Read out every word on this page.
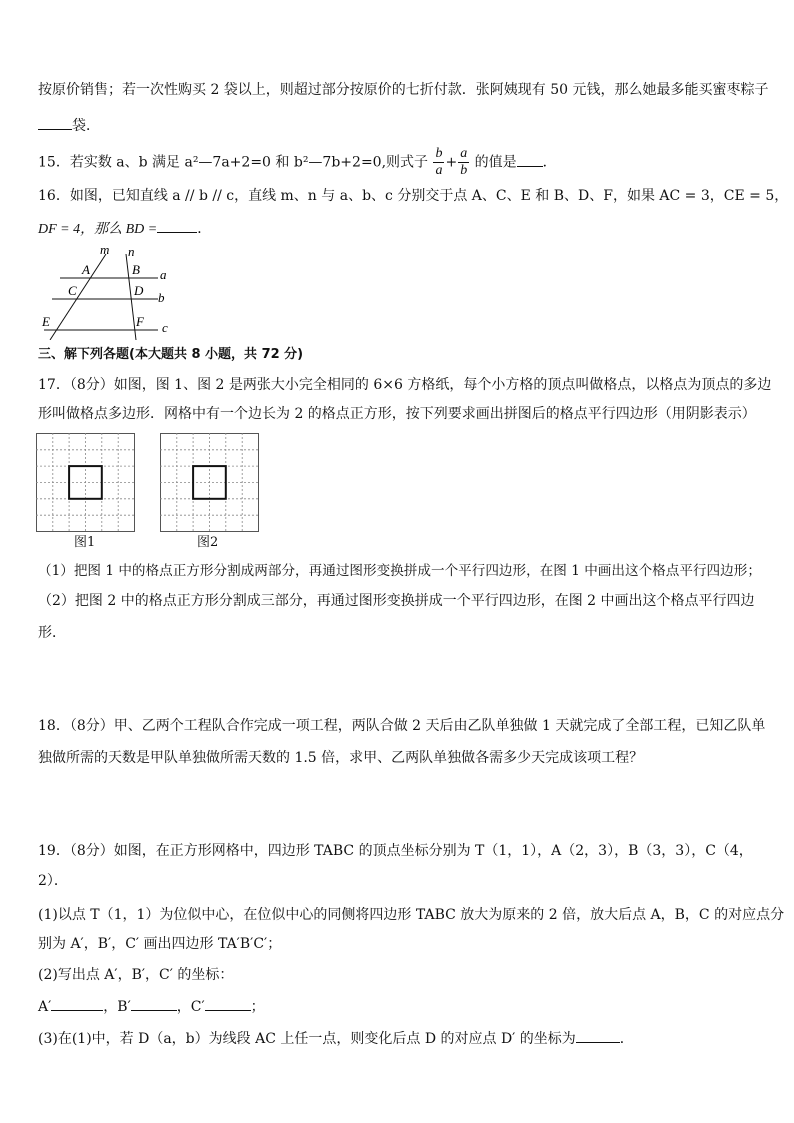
按原价销售；若一次性购买 2 袋以上，则超过部分按原价的七折付款．张阿姨现有 50 元钱，那么她最多能买蜜枣粽子
袋．
15．若实数 a、b 满足 a²—7a+2=0 和 b²—7b+2=0,则式子 $\frac{b}{a} + \frac{a}{b}$ 的值是 ．
16．如图，已知直线 a // b // c，直线 m、n 与 a、b、c 分别交于点 A、C、E 和 B、D、F，如果 AC = 3，CE = 5，
DF = 4，那么 BD =	．
m n
A	B a
C	D b
E	F c
三、解下列各题(本大题共 8 小题，共 72 分)
17．（8分）如图，图 1、图 2 是两张大小完全相同的 6×6 方格纸，每个小方格的顶点叫做格点，以格点为顶点的多边
形叫做格点多边形．网格中有一个边长为 2 的格点正方形，按下列要求画出拼图后的格点平行四边形（用阴影表示）
图1	图2
（1）把图 1 中的格点正方形分割成两部分，再通过图形变换拼成一个平行四边形，在图 1 中画出这个格点平行四边形；
（2）把图 2 中的格点正方形分割成三部分，再通过图形变换拼成一个平行四边形，在图 2 中画出这个格点平行四边
形．
18．（8分）甲、乙两个工程队合作完成一项工程，两队合做 2 天后由乙队单独做 1 天就完成了全部工程，已知乙队单
独做所需的天数是甲队单独做所需天数的 1.5 倍，求甲、乙两队单独做各需多少天完成该项工程？
19．（8分）如图，在正方形网格中，四边形 TABC 的顶点坐标分别为 T（1，1），A（2，3），B（3，3），C（4，
2）．
(1)以点 T（1，1）为位似中心，在位似中心的同侧将四边形 TABC 放大为原来的 2 倍，放大后点 A，B，C 的对应点分
别为 A′，B′，C′ 画出四边形 TA′B′C′；
(2)写出点 A′，B′，C′ 的坐标：
A′	，B′	，C′	；
(3)在(1)中，若 D（a，b）为线段 AC 上任一点，则变化后点 D 的对应点 D′ 的坐标为	．
